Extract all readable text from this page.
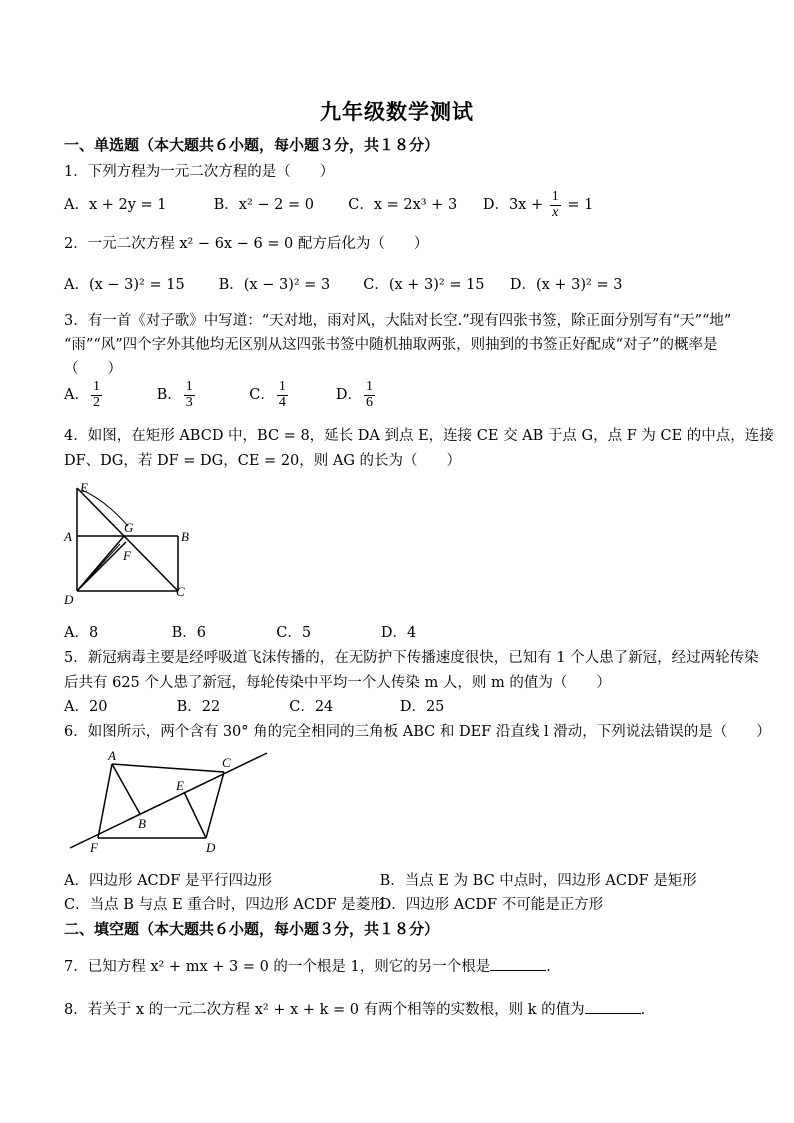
九年级数学测试
一、单选题（本大题共６小题，每小题３分，共１８分）
1．下列方程为一元二次方程的是（　　）
A．x + 2y = 1	B．x² − 2 = 0 C．x = 2x³ + 3 D．$3x + \frac{1}{x} = 1$
2．一元二次方程 x² − 6x − 6 = 0 配方后化为（　　）
A．(x − 3)² = 15 B．(x − 3)² = 3 C．(x + 3)² = 15 D．(x + 3)² = 3
3．有一首《对子歌》中写道：“天对地，雨对风，大陆对长空.”现有四张书签，除正面分别写有“天”“地”
“雨”“风”四个字外其他均无区别从这四张书签中随机抽取两张，则抽到的书签正好配成“对子”的概率是
（　　）
A． $\frac{1}{2}$	B． $\frac{1}{3}$	C． $\frac{1}{4}$	D． $\frac{1}{6}$
4．如图，在矩形 ABCD 中，BC = 8，延长 DA 到点 E，连接 CE 交 AB 于点 G，点 F 为 CE 的中点，连接
DF、DG，若 DF = DG，CE = 20，则 AG 的长为（　　）
E
G
A	B
F
D
C
A．8	B．6	C．5	D．4
5．新冠病毒主要是经呼吸道飞沫传播的，在无防护下传播速度很快，已知有 1 个人患了新冠，经过两轮传染
后共有 625 个人患了新冠，每轮传染中平均一个人传染 m 人，则 m 的值为（　　）
A．20	B．22	C．24	D．25
6．如图所示，两个含有 30° 角的完全相同的三角板 ABC 和 DEF 沿直线 l 滑动，下列说法错误的是（　　）
A	C
E
B
F	D
A．四边形 ACDF 是平行四边形	B．当点 E 为 BC 中点时，四边形 ACDF 是矩形
C．当点 B 与点 E 重合时，四边形 ACDF 是菱形 D．四边形 ACDF 不可能是正方形
二、填空题（本大题共６小题，每小题３分，共１８分）
7．已知方程 x² + mx + 3 = 0 的一个根是 1，则它的另一个根是	.
8．若关于 x 的一元二次方程 x² + x + k = 0 有两个相等的实数根，则 k 的值为	.
